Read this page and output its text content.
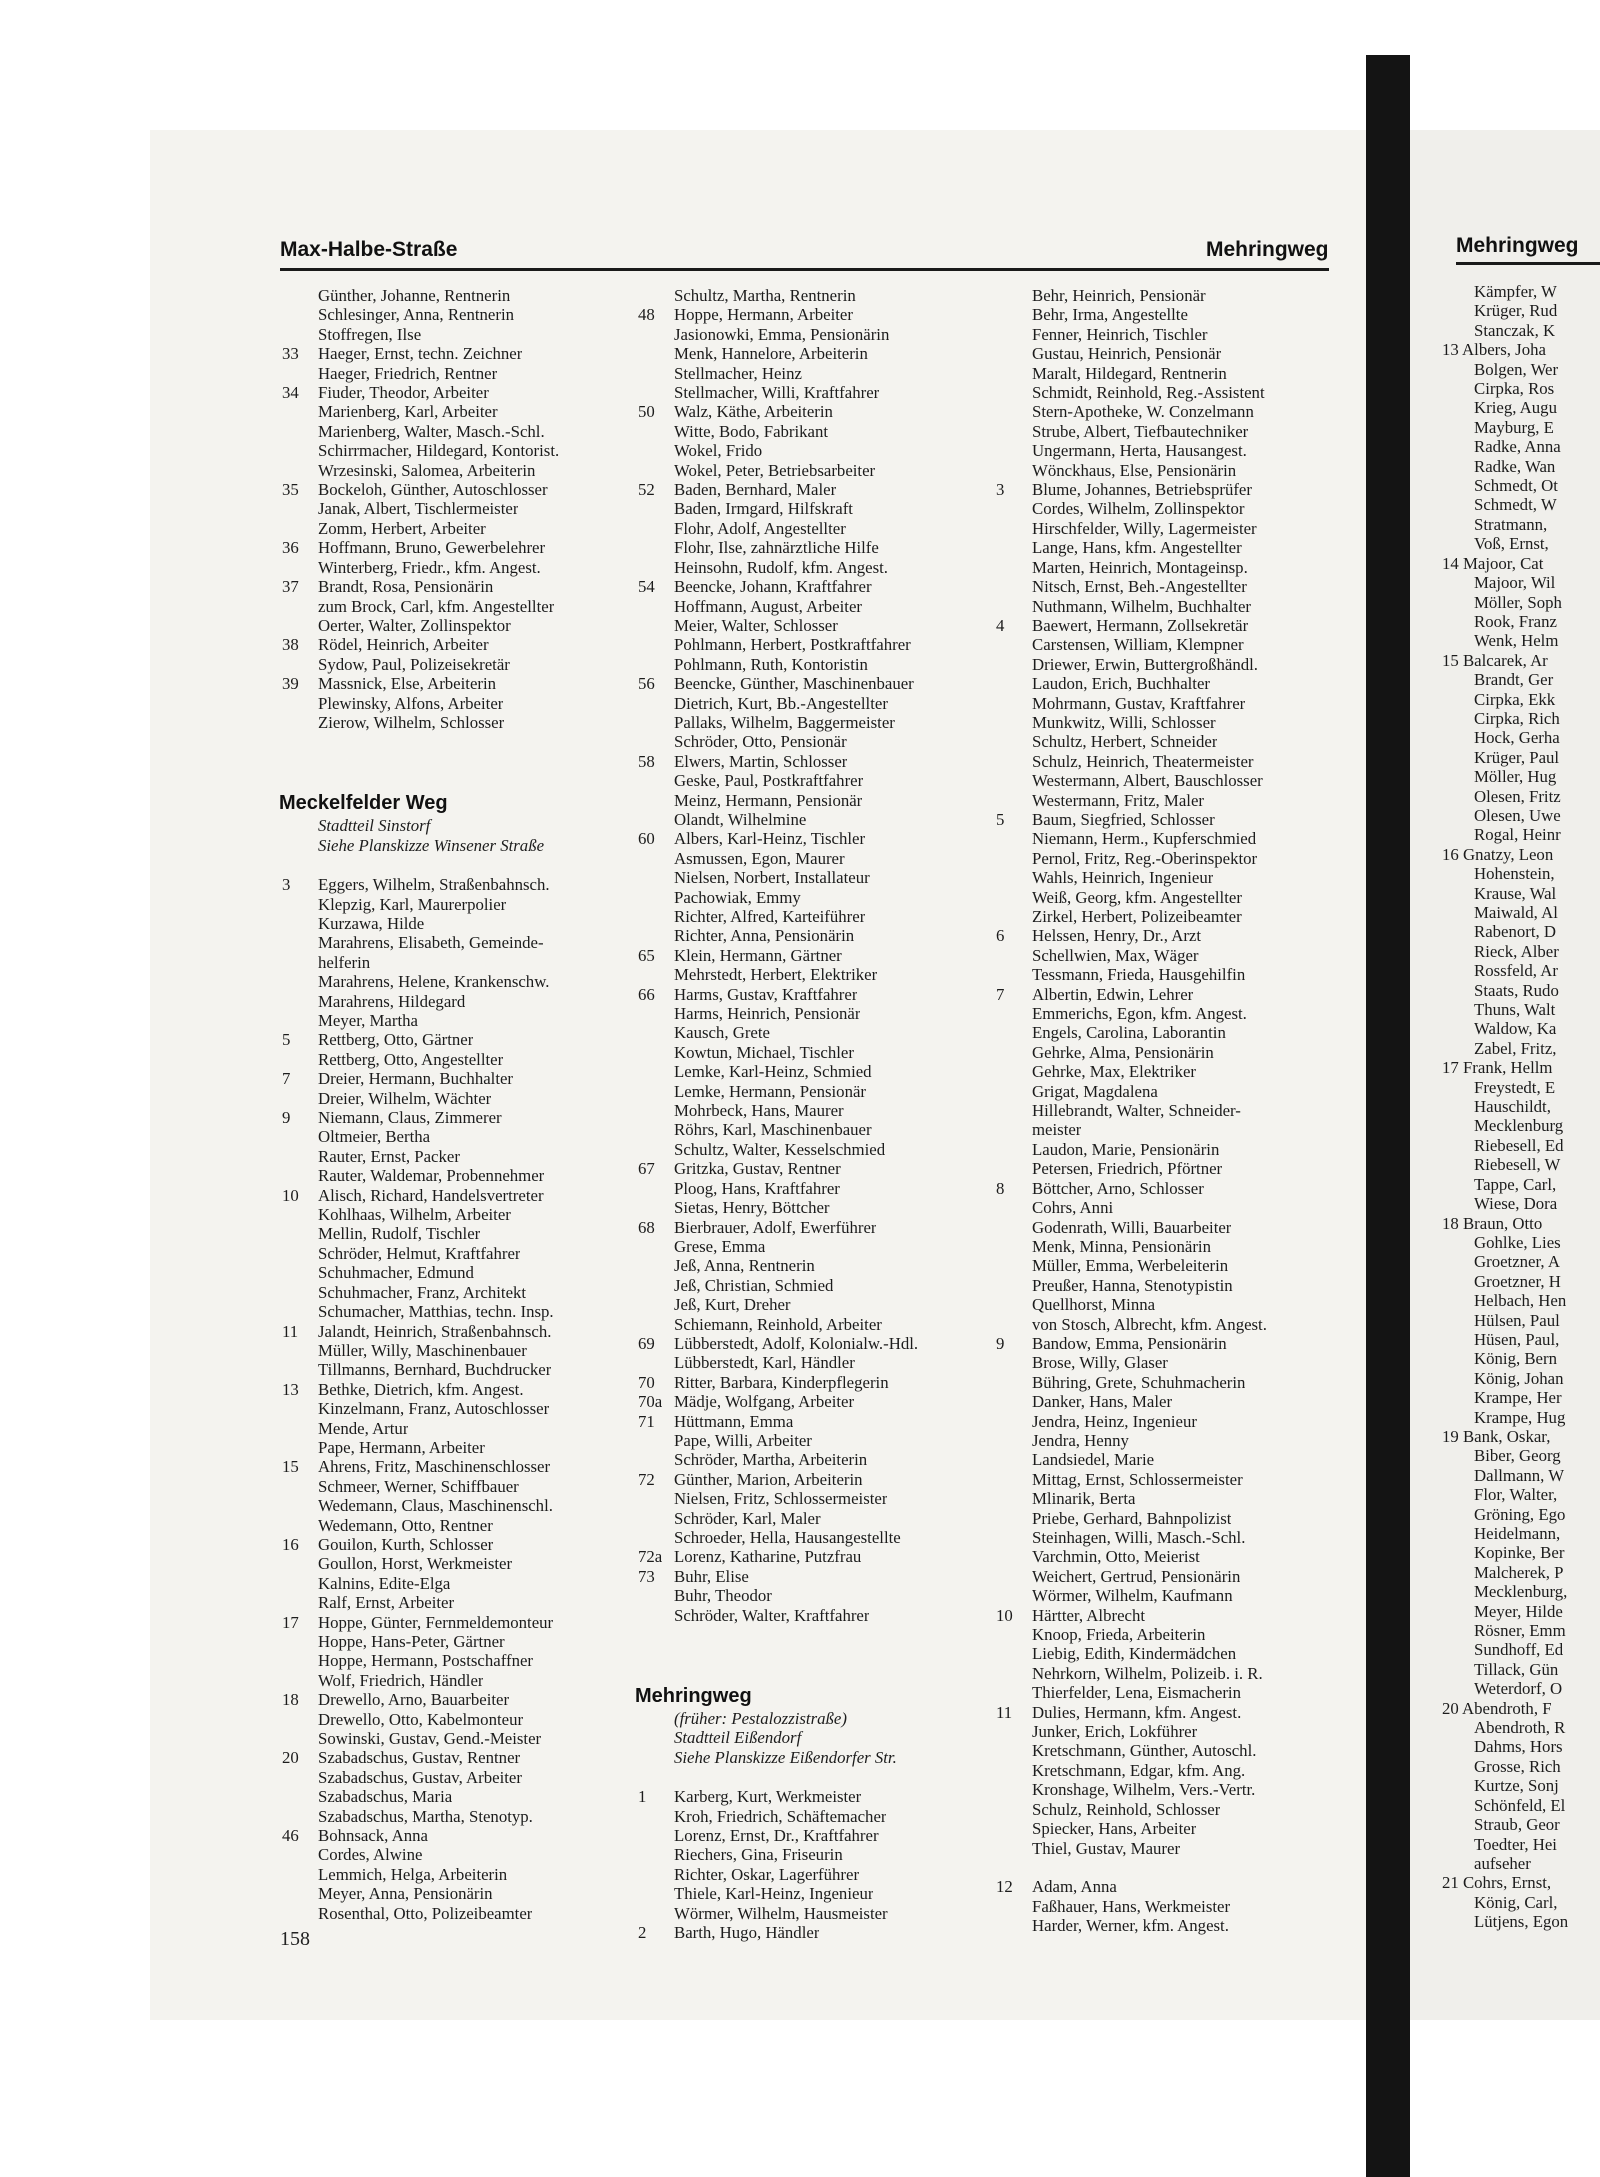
Max-Halbe-Straße	Mehringweg	Mehringweg
Günther, Johanne, Rentnerin
Schlesinger, Anna, Rentnerin
Stoffregen, Ilse
33	Haeger, Ernst, techn. Zeichner
Haeger, Friedrich, Rentner
34	Fiuder, Theodor, Arbeiter
Marienberg, Karl, Arbeiter
Marienberg, Walter, Masch.-Schl.
Schirrmacher, Hildegard, Kontorist.
Wrzesinski, Salomea, Arbeiterin
35	Bockeloh, Günther, Autoschlosser
Janak, Albert, Tischlermeister
Zomm, Herbert, Arbeiter
36	Hoffmann, Bruno, Gewerbelehrer
Winterberg, Friedr., kfm. Angest.
37	Brandt, Rosa, Pensionärin
zum Brock, Carl, kfm. Angestellter
Oerter, Walter, Zollinspektor
38	Rödel, Heinrich, Arbeiter
Sydow, Paul, Polizeisekretär
39	Massnick, Else, Arbeiterin
Plewinsky, Alfons, Arbeiter
Zierow, Wilhelm, Schlosser
Meckelfelder Weg
Stadtteil Sinstorf
Siehe Planskizze Winsener Straße
3	Eggers, Wilhelm, Straßenbahnsch.
Klepzig, Karl, Maurerpolier
Kurzawa, Hilde
Marahrens, Elisabeth, Gemeinde-
helferin
Marahrens, Helene, Krankenschw.
Marahrens, Hildegard
Meyer, Martha
5	Rettberg, Otto, Gärtner
Rettberg, Otto, Angestellter
7	Dreier, Hermann, Buchhalter
Dreier, Wilhelm, Wächter
9	Niemann, Claus, Zimmerer
Oltmeier, Bertha
Rauter, Ernst, Packer
Rauter, Waldemar, Probennehmer
10	Alisch, Richard, Handelsvertreter
Kohlhaas, Wilhelm, Arbeiter
Mellin, Rudolf, Tischler
Schröder, Helmut, Kraftfahrer
Schuhmacher, Edmund
Schuhmacher, Franz, Architekt
Schumacher, Matthias, techn. Insp.
11	Jalandt, Heinrich, Straßenbahnsch.
Müller, Willy, Maschinenbauer
Tillmanns, Bernhard, Buchdrucker
13	Bethke, Dietrich, kfm. Angest.
Kinzelmann, Franz, Autoschlosser
Mende, Artur
Pape, Hermann, Arbeiter
15	Ahrens, Fritz, Maschinenschlosser
Schmeer, Werner, Schiffbauer
Wedemann, Claus, Maschinenschl.
Wedemann, Otto, Rentner
16	Gouilon, Kurth, Schlosser
Goullon, Horst, Werkmeister
Kalnins, Edite-Elga
Ralf, Ernst, Arbeiter
17	Hoppe, Günter, Fernmeldemonteur
Hoppe, Hans-Peter, Gärtner
Hoppe, Hermann, Postschaffner
Wolf, Friedrich, Händler
18	Drewello, Arno, Bauarbeiter
Drewello, Otto, Kabelmonteur
Sowinski, Gustav, Gend.-Meister
20	Szabadschus, Gustav, Rentner
Szabadschus, Gustav, Arbeiter
Szabadschus, Maria
Szabadschus, Martha, Stenotyp.
46	Bohnsack, Anna
Cordes, Alwine
Lemmich, Helga, Arbeiterin
Meyer, Anna, Pensionärin
Rosenthal, Otto, Polizeibeamter
Schultz, Martha, Rentnerin
48	Hoppe, Hermann, Arbeiter
Jasionowki, Emma, Pensionärin
Menk, Hannelore, Arbeiterin
Stellmacher, Heinz
Stellmacher, Willi, Kraftfahrer
50	Walz, Käthe, Arbeiterin
Witte, Bodo, Fabrikant
Wokel, Frido
Wokel, Peter, Betriebsarbeiter
52	Baden, Bernhard, Maler
Baden, Irmgard, Hilfskraft
Flohr, Adolf, Angestellter
Flohr, Ilse, zahnärztliche Hilfe
Heinsohn, Rudolf, kfm. Angest.
54	Beencke, Johann, Kraftfahrer
Hoffmann, August, Arbeiter
Meier, Walter, Schlosser
Pohlmann, Herbert, Postkraftfahrer
Pohlmann, Ruth, Kontoristin
56	Beencke, Günther, Maschinenbauer
Dietrich, Kurt, Bb.-Angestellter
Pallaks, Wilhelm, Baggermeister
Schröder, Otto, Pensionär
58	Elwers, Martin, Schlosser
Geske, Paul, Postkraftfahrer
Meinz, Hermann, Pensionär
Olandt, Wilhelmine
60	Albers, Karl-Heinz, Tischler
Asmussen, Egon, Maurer
Nielsen, Norbert, Installateur
Pachowiak, Emmy
Richter, Alfred, Karteiführer
Richter, Anna, Pensionärin
65	Klein, Hermann, Gärtner
Mehrstedt, Herbert, Elektriker
66	Harms, Gustav, Kraftfahrer
Harms, Heinrich, Pensionär
Kausch, Grete
Kowtun, Michael, Tischler
Lemke, Karl-Heinz, Schmied
Lemke, Hermann, Pensionär
Mohrbeck, Hans, Maurer
Röhrs, Karl, Maschinenbauer
Schultz, Walter, Kesselschmied
67	Gritzka, Gustav, Rentner
Ploog, Hans, Kraftfahrer
Sietas, Henry, Böttcher
68	Bierbrauer, Adolf, Ewerführer
Grese, Emma
Jeß, Anna, Rentnerin
Jeß, Christian, Schmied
Jeß, Kurt, Dreher
Schiemann, Reinhold, Arbeiter
69	Lübberstedt, Adolf, Kolonialw.-Hdl.
Lübberstedt, Karl, Händler
70	Ritter, Barbara, Kinderpflegerin
70a Mädje, Wolfgang, Arbeiter
71	Hüttmann, Emma
Pape, Willi, Arbeiter
Schröder, Martha, Arbeiterin
72	Günther, Marion, Arbeiterin
Nielsen, Fritz, Schlossermeister
Schröder, Karl, Maler
Schroeder, Hella, Hausangestellte
72a Lorenz, Katharine, Putzfrau
73	Buhr, Elise
Buhr, Theodor
Schröder, Walter, Kraftfahrer
Mehringweg
(früher: Pestalozzistraße)
Stadtteil Eißendorf
Siehe Planskizze Eißendorfer Str.
1	Karberg, Kurt, Werkmeister
Kroh, Friedrich, Schäftemacher
Lorenz, Ernst, Dr., Kraftfahrer
Riechers, Gina, Friseurin
Richter, Oskar, Lagerführer
Thiele, Karl-Heinz, Ingenieur
Wörmer, Wilhelm, Hausmeister
2	Barth, Hugo, Händler
Behr, Heinrich, Pensionär
Behr, Irma, Angestellte
Fenner, Heinrich, Tischler
Gustau, Heinrich, Pensionär
Maralt, Hildegard, Rentnerin
Schmidt, Reinhold, Reg.-Assistent
Stern-Apotheke, W. Conzelmann
Strube, Albert, Tiefbautechniker
Ungermann, Herta, Hausangest.
Wönckhaus, Else, Pensionärin
3	Blume, Johannes, Betriebsprüfer
Cordes, Wilhelm, Zollinspektor
Hirschfelder, Willy, Lagermeister
Lange, Hans, kfm. Angestellter
Marten, Heinrich, Montageinsp.
Nitsch, Ernst, Beh.-Angestellter
Nuthmann, Wilhelm, Buchhalter
4	Baewert, Hermann, Zollsekretär
Carstensen, William, Klempner
Driewer, Erwin, Buttergroßhändl.
Laudon, Erich, Buchhalter
Mohrmann, Gustav, Kraftfahrer
Munkwitz, Willi, Schlosser
Schultz, Herbert, Schneider
Schulz, Heinrich, Theatermeister
Westermann, Albert, Bauschlosser
Westermann, Fritz, Maler
5	Baum, Siegfried, Schlosser
Niemann, Herm., Kupferschmied
Pernol, Fritz, Reg.-Oberinspektor
Wahls, Heinrich, Ingenieur
Weiß, Georg, kfm. Angestellter
Zirkel, Herbert, Polizeibeamter
6	Helssen, Henry, Dr., Arzt
Schellwien, Max, Wäger
Tessmann, Frieda, Hausgehilfin
7	Albertin, Edwin, Lehrer
Emmerichs, Egon, kfm. Angest.
Engels, Carolina, Laborantin
Gehrke, Alma, Pensionärin
Gehrke, Max, Elektriker
Grigat, Magdalena
Hillebrandt, Walter, Schneider-
meister
Laudon, Marie, Pensionärin
Petersen, Friedrich, Pförtner
8	Böttcher, Arno, Schlosser
Cohrs, Anni
Godenrath, Willi, Bauarbeiter
Menk, Minna, Pensionärin
Müller, Emma, Werbeleiterin
Preußer, Hanna, Stenotypistin
Quellhorst, Minna
von Stosch, Albrecht, kfm. Angest.
9	Bandow, Emma, Pensionärin
Brose, Willy, Glaser
Bühring, Grete, Schuhmacherin
Danker, Hans, Maler
Jendra, Heinz, Ingenieur
Jendra, Henny
Landsiedel, Marie
Mittag, Ernst, Schlossermeister
Mlinarik, Berta
Priebe, Gerhard, Bahnpolizist
Steinhagen, Willi, Masch.-Schl.
Varchmin, Otto, Meierist
Weichert, Gertrud, Pensionärin
Wörmer, Wilhelm, Kaufmann
10	Härtter, Albrecht
Knoop, Frieda, Arbeiterin
Liebig, Edith, Kindermädchen
Nehrkorn, Wilhelm, Polizeib. i. R.
Thierfelder, Lena, Eismacherin
11	Dulies, Hermann, kfm. Angest.
Junker, Erich, Lokführer
Kretschmann, Günther, Autoschl.
Kretschmann, Edgar, kfm. Ang.
Kronshage, Wilhelm, Vers.-Vertr.
Schulz, Reinhold, Schlosser
Spiecker, Hans, Arbeiter
Thiel, Gustav, Maurer

12	Adam, Anna
Faßhauer, Hans, Werkmeister
Harder, Werner, kfm. Angest.
Kämpfer, W
Krüger, Rud
Stanczak, K
13 Albers, Joha
Bolgen, Wer
Cirpka, Ros
Krieg, Augu
Mayburg, E
Radke, Anna
Radke, Wan
Schmedt, Ot
Schmedt, W
Stratmann,
Voß, Ernst,
14 Majoor, Cat
Majoor, Wil
Möller, Soph
Rook, Franz
Wenk, Helm
15 Balcarek, Ar
Brandt, Ger
Cirpka, Ekk
Cirpka, Rich
Hock, Gerha
Krüger, Paul
Möller, Hug
Olesen, Fritz
Olesen, Uwe
Rogal, Heinr
16 Gnatzy, Leon
Hohenstein,
Krause, Wal
Maiwald, Al
Rabenort, D
Rieck, Alber
Rossfeld, Ar
Staats, Rudo
Thuns, Walt
Waldow, Ka
Zabel, Fritz,
17 Frank, Hellm
Freystedt, E
Hauschildt,
Mecklenburg
Riebesell, Ed
Riebesell, W
Tappe, Carl,
Wiese, Dora
18 Braun, Otto
Gohlke, Lies
Groetzner, A
Groetzner, H
Helbach, Hen
Hülsen, Paul
Hüsen, Paul,
König, Bern
König, Johan
Krampe, Her
Krampe, Hug
19 Bank, Oskar,
Biber, Georg
Dallmann, W
Flor, Walter,
Gröning, Ego
Heidelmann,
Kopinke, Ber
Malcherek, P
Mecklenburg,
Meyer, Hilde
Rösner, Emm
Sundhoff, Ed
Tillack, Gün
Weterdorf, O
20 Abendroth, F
Abendroth, R
Dahms, Hors
Grosse, Rich
Kurtze, Sonj
Schönfeld, El
Straub, Geor
Toedter, Hei
aufseher
21 Cohrs, Ernst,
König, Carl,
Lütjens, Egon
158
